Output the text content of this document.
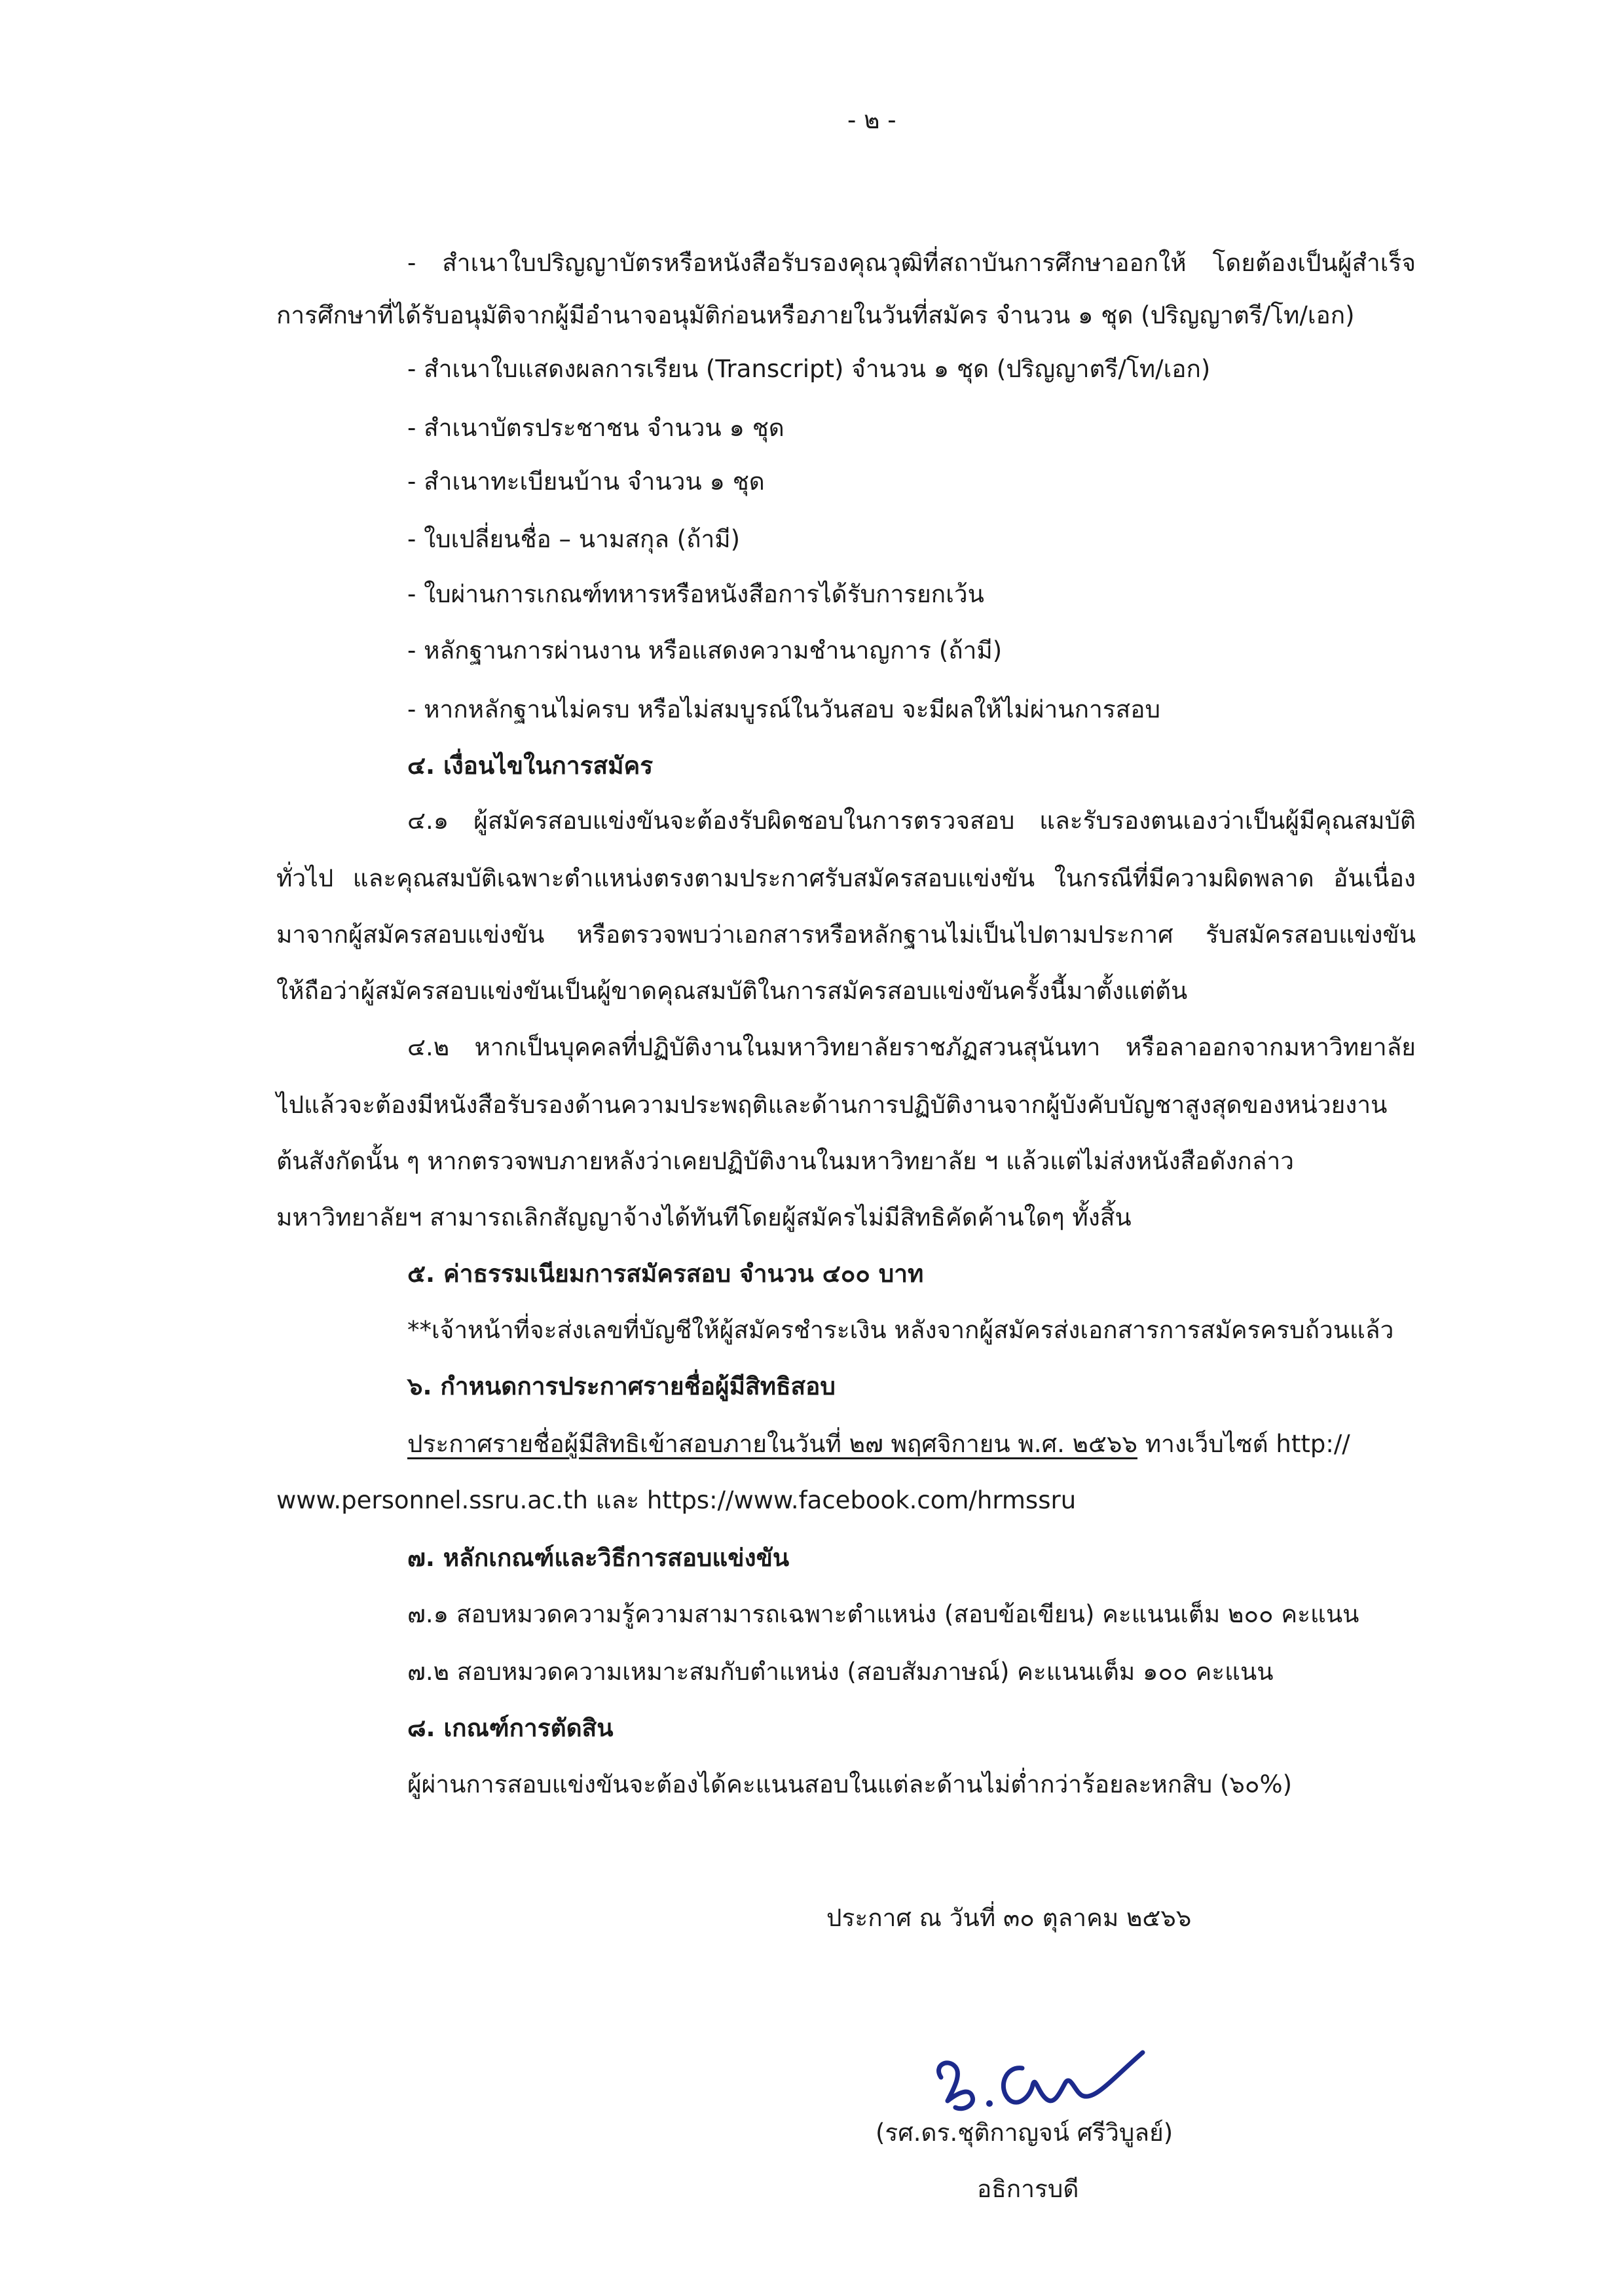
- ๒ -
- สำเนาใบปริญญาบัตรหรือหนังสือรับรองคุณวุฒิที่สถาบันการศึกษาออกให้ โดยต้องเป็นผู้สำเร็จ
การศึกษาที่ได้รับอนุมัติจากผู้มีอำนาจอนุมัติก่อนหรือภายในวันที่สมัคร จำนวน ๑ ชุด (ปริญญาตรี/โท/เอก)
- สำเนาใบแสดงผลการเรียน (Transcript) จำนวน ๑ ชุด (ปริญญาตรี/โท/เอก)
- สำเนาบัตรประชาชน จำนวน ๑ ชุด
- สำเนาทะเบียนบ้าน จำนวน ๑ ชุด
- ใบเปลี่ยนชื่อ – นามสกุล (ถ้ามี)
- ใบผ่านการเกณฑ์ทหารหรือหนังสือการได้รับการยกเว้น
- หลักฐานการผ่านงาน หรือแสดงความชำนาญการ (ถ้ามี)
- หากหลักฐานไม่ครบ หรือไม่สมบูรณ์ในวันสอบ จะมีผลให้ไม่ผ่านการสอบ
๔. เงื่อนไขในการสมัคร
๔.๑ ผู้สมัครสอบแข่งขันจะต้องรับผิดชอบในการตรวจสอบ และรับรองตนเองว่าเป็นผู้มีคุณสมบัติ
ทั่วไป และคุณสมบัติเฉพาะตำแหน่งตรงตามประกาศรับสมัครสอบแข่งขัน ในกรณีที่มีความผิดพลาด อันเนื่อง
มาจากผู้สมัครสอบแข่งขัน หรือตรวจพบว่าเอกสารหรือหลักฐานไม่เป็นไปตามประกาศ รับสมัครสอบแข่งขัน
ให้ถือว่าผู้สมัครสอบแข่งขันเป็นผู้ขาดคุณสมบัติในการสมัครสอบแข่งขันครั้งนี้มาตั้งแต่ต้น
๔.๒ หากเป็นบุคคลที่ปฏิบัติงานในมหาวิทยาลัยราชภัฏสวนสุนันทา หรือลาออกจากมหาวิทยาลัย
ไปแล้วจะต้องมีหนังสือรับรองด้านความประพฤติและด้านการปฏิบัติงานจากผู้บังคับบัญชาสูงสุดของหน่วยงาน
ต้นสังกัดนั้น ๆ หากตรวจพบภายหลังว่าเคยปฏิบัติงานในมหาวิทยาลัย ฯ แล้วแต่ไม่ส่งหนังสือดังกล่าว
มหาวิทยาลัยฯ สามารถเลิกสัญญาจ้างได้ทันทีโดยผู้สมัครไม่มีสิทธิคัดค้านใดๆ ทั้งสิ้น
๕. ค่าธรรมเนียมการสมัครสอบ จำนวน ๔๐๐ บาท
**เจ้าหน้าที่จะส่งเลขที่บัญชีให้ผู้สมัครชำระเงิน หลังจากผู้สมัครส่งเอกสารการสมัครครบถ้วนแล้ว
๖. กำหนดการประกาศรายชื่อผู้มีสิทธิสอบ
ประกาศรายชื่อผู้มีสิทธิเข้าสอบภายในวันที่ ๒๗ พฤศจิกายน พ.ศ. ๒๕๖๖ ทางเว็บไซต์ http://
www.personnel.ssru.ac.th และ https://www.facebook.com/hrmssru
๗. หลักเกณฑ์และวิธีการสอบแข่งขัน
๗.๑ สอบหมวดความรู้ความสามารถเฉพาะตำแหน่ง (สอบข้อเขียน) คะแนนเต็ม ๒๐๐ คะแนน
๗.๒ สอบหมวดความเหมาะสมกับตำแหน่ง (สอบสัมภาษณ์) คะแนนเต็ม ๑๐๐ คะแนน
๘. เกณฑ์การตัดสิน
ผู้ผ่านการสอบแข่งขันจะต้องได้คะแนนสอบในแต่ละด้านไม่ต่ำกว่าร้อยละหกสิบ (๖๐%)
ประกาศ ณ วันที่ ๓๐ ตุลาคม ๒๕๖๖
(รศ.ดร.ชุติกาญจน์ ศรีวิบูลย์)
อธิการบดี
